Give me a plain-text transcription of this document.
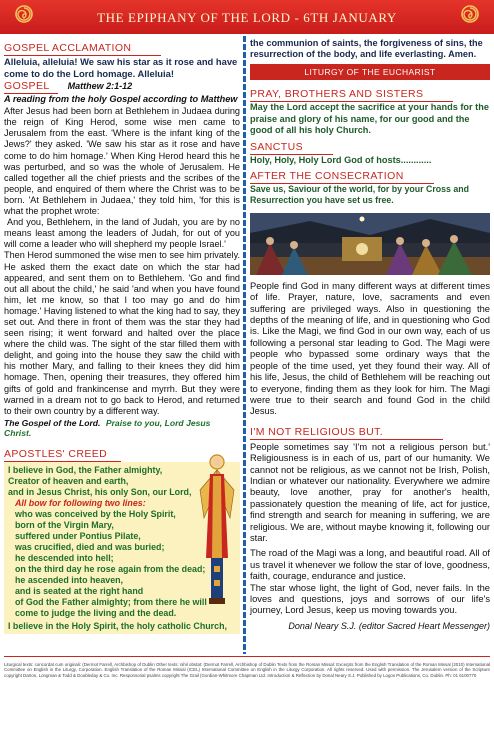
THE EPIPHANY OF THE LORD - 6TH JANUARY
GOSPEL ACCLAMATION
Alleluia, alleluia! We saw his star as it rose and have come to do the Lord homage. Alleluia!
GOSPEL	Matthew 2:1-12
A reading from the holy Gospel according to Matthew
After Jesus had been born at Bethlehem in Judaea during the reign of King Herod, some wise men came to Jerusalem from the east. 'Where is the infant king of the Jews?' they asked. 'We saw his star as it rose and have come to do him homage.' When King Herod heard this he was perturbed, and so was the whole of Jerusalem. He called together all the chief priests and the scribes of the people, and enquired of them where the Christ was to be born. 'At Bethlehem in Judaea,' they told him, 'for this is what the prophet wrote:
And you, Bethlehem, in the land of Judah, you are by no means least among the leaders of Judah, for out of you will come a leader who will shepherd my people Israel.'
Then Herod summoned the wise men to see him privately. He asked them the exact date on which the star had appeared, and sent them on to Bethlehem. 'Go and find out all about the child,' he said 'and when you have found him, let me know, so that I too may go and do him homage.' Having listened to what the king had to say, they set out. And there in front of them was the star they had seen rising; it went forward and halted over the place where the child was. The sight of the star filled them with delight, and going into the house they saw the child with his mother Mary, and falling to their knees they did him homage. Then, opening their treasures, they offered him gifts of gold and frankincense and myrrh. But they were warned in a dream not to go back to Herod, and returned to their own country by a different way.
The Gospel of the Lord. Praise to you, Lord Jesus Christ.
APOSTLES' CREED
I believe in God, the Father almighty,
Creator of heaven and earth,
and in Jesus Christ, his only Son, our Lord,
All bow for following two lines:
who was conceived by the Holy Spirit,
born of the Virgin Mary,
suffered under Pontius Pilate,
was crucified, died and was buried;
he descended into hell;
on the third day he rose again from the dead;
he ascended into heaven,
and is seated at the right hand
of God the Father almighty; from there he will
come to judge the living and the dead.
I believe in the Holy Spirit, the holy catholic Church,
the communion of saints, the forgiveness of sins, the resurrection of the body, and life everlasting. Amen.
LITURGY OF THE EUCHARIST
PRAY, BROTHERS AND SISTERS
May the Lord accept the sacrifice at your hands for the praise and glory of his name, for our good and the good of all his holy Church.
SANCTUS
Holy, Holy, Holy Lord God of hosts............
AFTER THE CONSECRATION
Save us, Saviour of the world, for by your Cross and Resurrection you have set us free.

People find God in many different ways at different times of life. Prayer, nature, love, sacraments and even suffering are privileged ways. Also in questioning the depths of the meaning of life, and in questioning who God is. Like the Magi, we find God in our own way, each of us following a personal star leading to God. The Magi were people who bypassed some ordinary ways that the people of the time used, yet they found their way. All of his life, Jesus, the child of Bethlehem will be reaching out to everyone, finding them as they look for him. The Magi were true to their search and found God in the child Jesus.

I'M NOT RELIGIOUS BUT.

People sometimes say 'I'm not a religious person but.' Religiousness is in each of us, part of our humanity. We cannot not be religious, as we cannot not be Irish, Polish, Indian or whatever our nationality. Everywhere we admire beauty, love another, pray for another's health, passionately question the meaning of life, act for justice, find strength and search for meaning in suffering, we are religious. We are, without maybe knowing it, following our star.

The road of the Magi was a long, and beautiful road. All of us travel it whenever we follow the star of love, goodness, faith, courage, endurance and justice.

The star whose light, the light of God, never fails. In the loves and questions, joys and sorrows of our life's journey, Lord Jesus, keep us moving towards you.

Donal Neary S.J. (editor Sacred Heart Messenger)
Liturgical texts: concordat cum originali: (Dermot Farrell, Archbishop of Dublin Other texts: nihil obstat: (Dermot Farrell, Archbishop of Dublin Texts from the Roman Missal: Excerpts from the English Translation of the Roman Missal (2010) International Committee on English in the Liturgy, Corporation. English Translation of the Roman Missal (ICEL) International Committee on English in the Liturgy Corporation. All rights reserved. Used with permission. The Jerusalem version of the Scripture copyright Darton, Longman & Todd & Doubleday & Co. Inc. Responsorial psalms copyright The Grail (Gordian-Whitmore Chapman Ltd. Introduction & Reflection by Donal Neary S.J. Published by Logos Publications, Co. Dublin. Ph: 01 6100770
